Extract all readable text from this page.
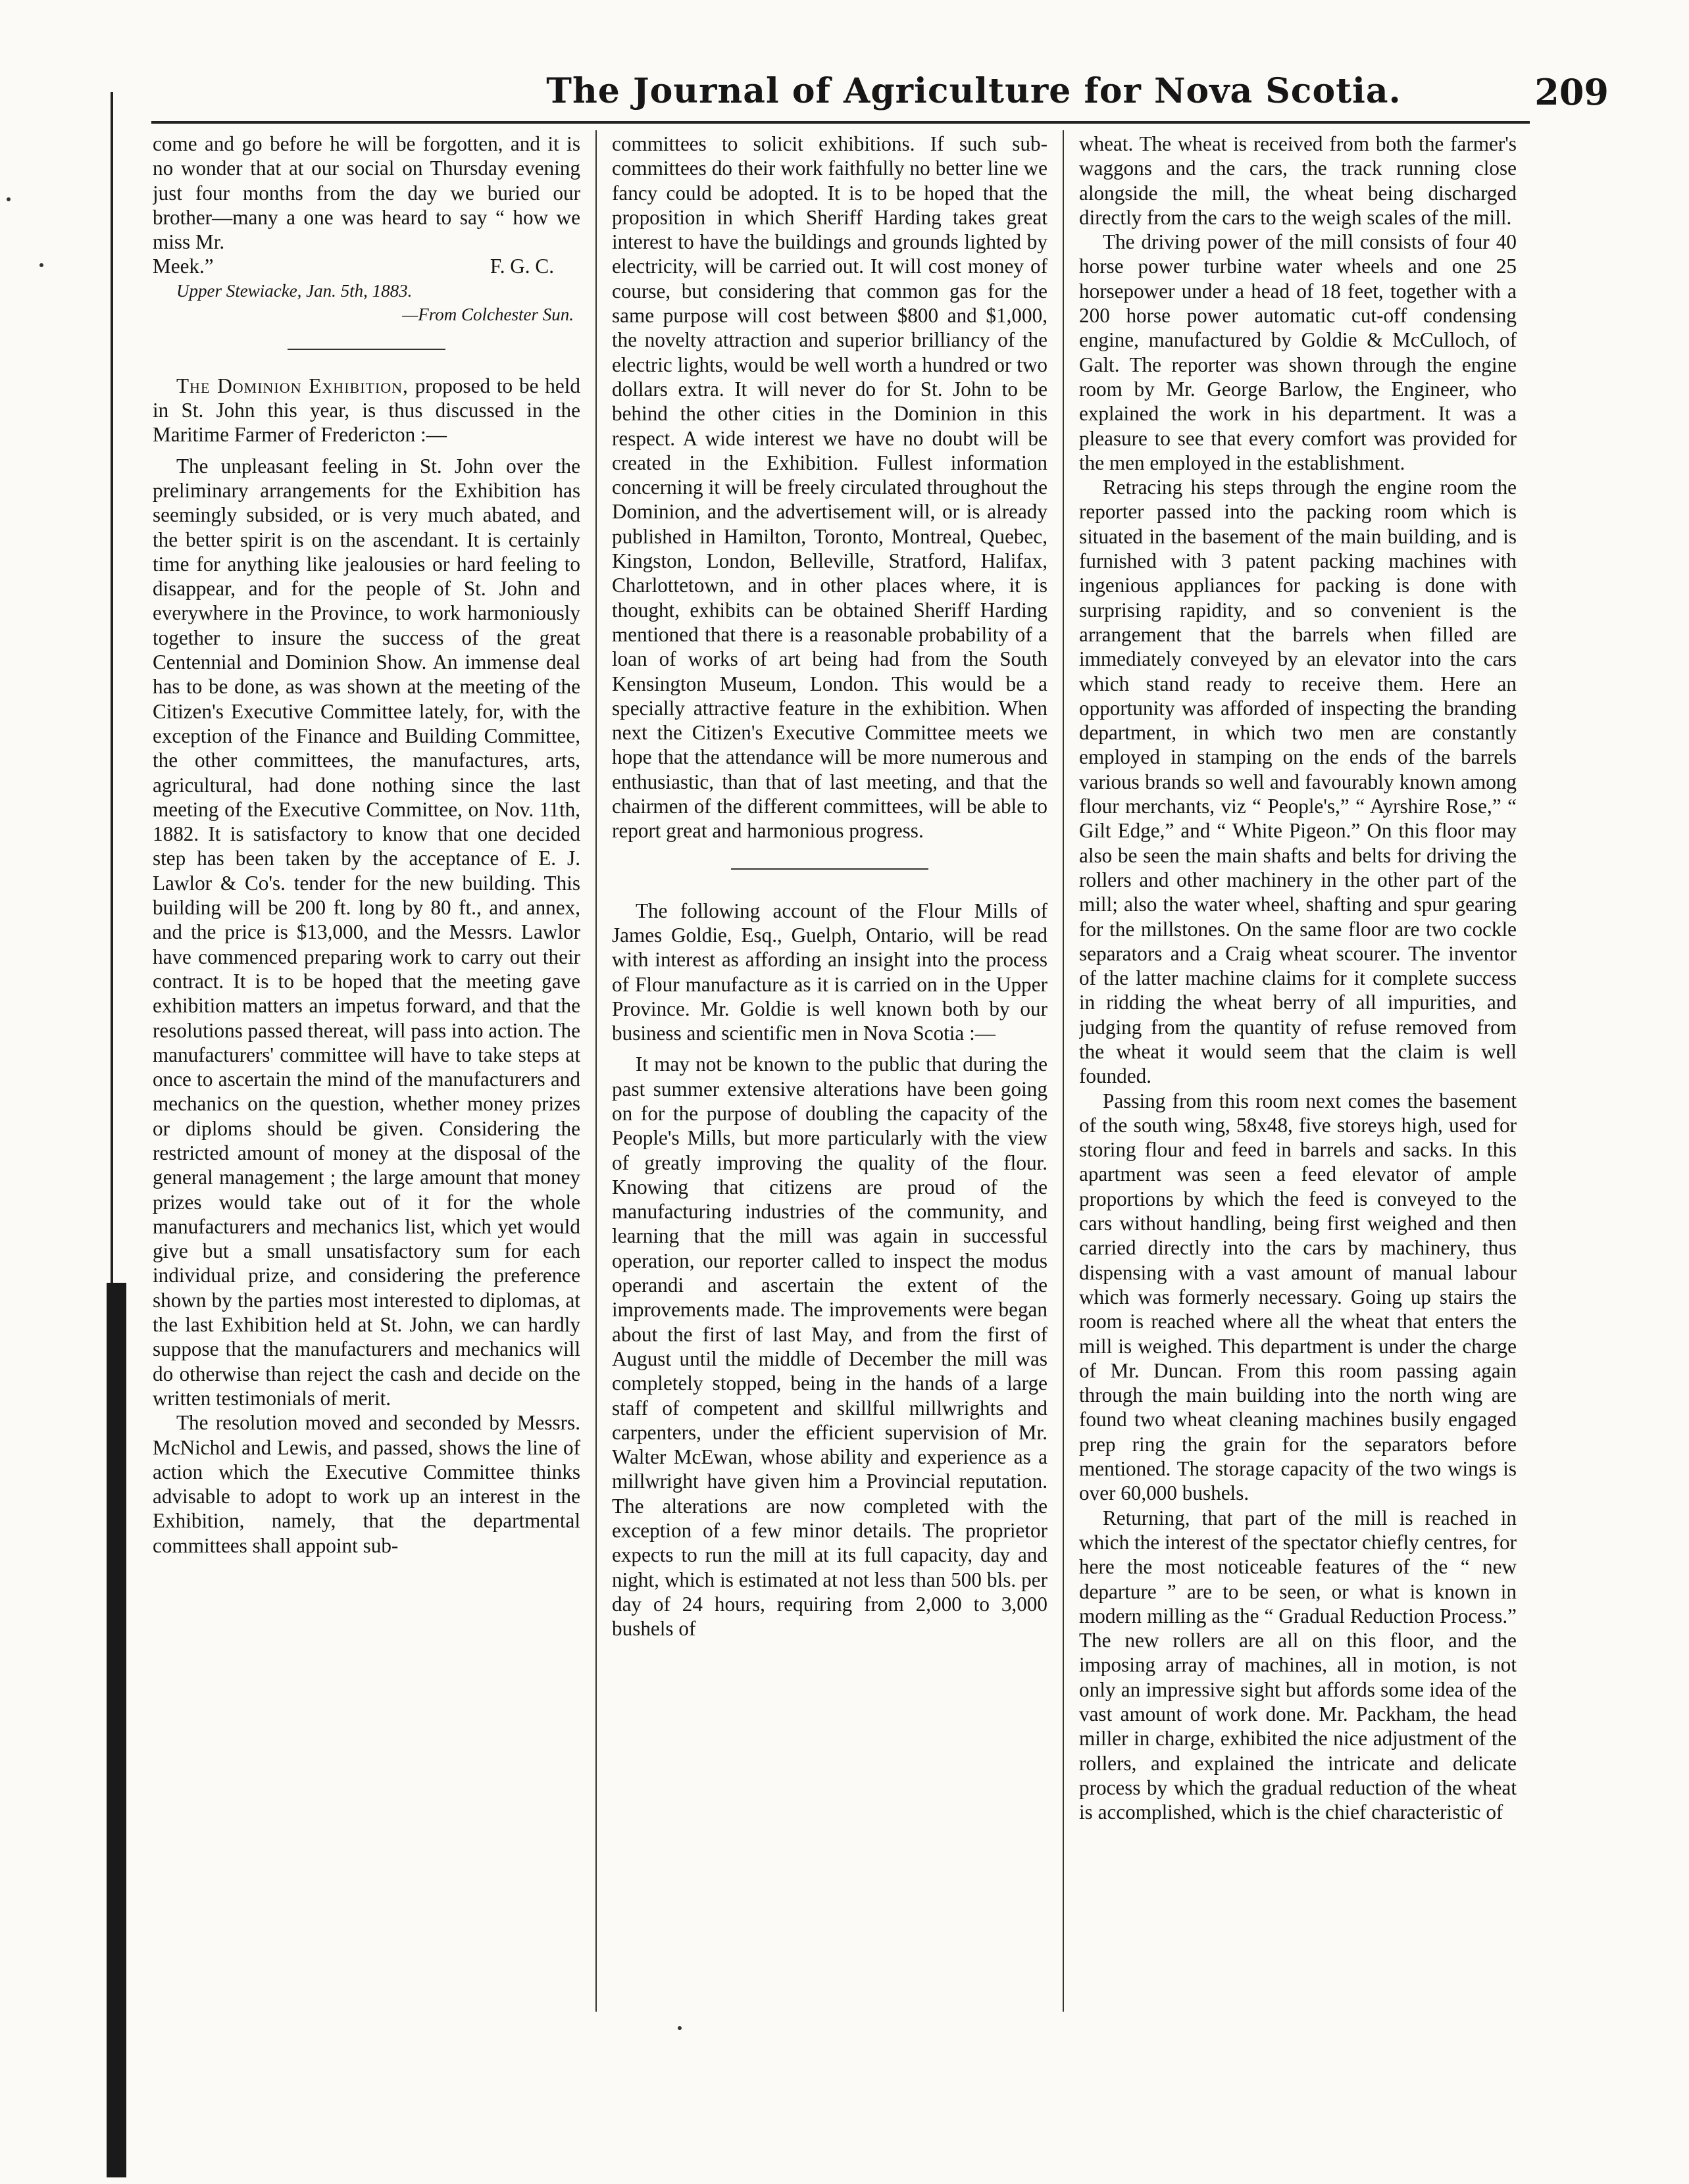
The Journal of Agriculture for Nova Scotia.	209

come and go before he will be forgotten, and it is no wonder that at our social on Thursday evening just four months from the day we buried our brother—many a one was heard to say “ how we miss Mr.

Meek.”	F. G. C.
Upper Stewiacke, Jan. 5th, 1883.
—From Colchester Sun.

The Dominion Exhibition, proposed to be held in St. John this year, is thus discussed in the Maritime Farmer of Fredericton :—

The unpleasant feeling in St. John over the preliminary arrangements for the Exhibition has seemingly subsided, or is very much abated, and the better spirit is on the ascendant. It is certainly time for anything like jealousies or hard feeling to disappear, and for the people of St. John and everywhere in the Province, to work harmoniously together to insure the success of the great Centennial and Dominion Show. An immense deal has to be done, as was shown at the meeting of the Citizen's Executive Committee lately, for, with the exception of the Finance and Building Committee, the other committees, the manufactures, arts, agricultural, had done nothing since the last meeting of the Executive Committee, on Nov. 11th, 1882. It is satisfactory to know that one decided step has been taken by the acceptance of E. J. Lawlor & Co's. tender for the new building. This building will be 200 ft. long by 80 ft., and annex, and the price is $13,000, and the Messrs. Lawlor have commenced preparing work to carry out their contract. It is to be hoped that the meeting gave exhibition matters an impetus forward, and that the resolutions passed thereat, will pass into action. The manufacturers' committee will have to take steps at once to ascertain the mind of the manufacturers and mechanics on the question, whether money prizes or diploms should be given. Considering the restricted amount of money at the disposal of the general management ; the large amount that money prizes would take out of it for the whole manufacturers and mechanics list, which yet would give but a small unsatisfactory sum for each individual prize, and considering the preference shown by the parties most interested to diplomas, at the last Exhibition held at St. John, we can hardly suppose that the manufacturers and mechanics will do otherwise than reject the cash and decide on the written testimonials of merit.

The resolution moved and seconded by Messrs. McNichol and Lewis, and passed, shows the line of action which the Executive Committee thinks advisable to adopt to work up an interest in the Exhibition, namely, that the departmental committees shall appoint sub-

committees to solicit exhibitions. If such sub-committees do their work faithfully no better line we fancy could be adopted. It is to be hoped that the proposition in which Sheriff Harding takes great interest to have the buildings and grounds lighted by electricity, will be carried out. It will cost money of course, but considering that common gas for the same purpose will cost between $800 and $1,000, the novelty attraction and superior brilliancy of the electric lights, would be well worth a hundred or two dollars extra. It will never do for St. John to be behind the other cities in the Dominion in this respect. A wide interest we have no doubt will be created in the Exhibition. Fullest information concerning it will be freely circulated throughout the Dominion, and the advertisement will, or is already published in Hamilton, Toronto, Montreal, Quebec, Kingston, London, Belleville, Stratford, Halifax, Charlottetown, and in other places where, it is thought, exhibits can be obtained Sheriff Harding mentioned that there is a reasonable probability of a loan of works of art being had from the South Kensington Museum, London. This would be a specially attractive feature in the exhibition. When next the Citizen's Executive Committee meets we hope that the attendance will be more numerous and enthusiastic, than that of last meeting, and that the chairmen of the different committees, will be able to report great and harmonious progress.

The following account of the Flour Mills of James Goldie, Esq., Guelph, Ontario, will be read with interest as affording an insight into the process of Flour manufacture as it is carried on in the Upper Province. Mr. Goldie is well known both by our business and scientific men in Nova Scotia :—

It may not be known to the public that during the past summer extensive alterations have been going on for the purpose of doubling the capacity of the People's Mills, but more particularly with the view of greatly improving the quality of the flour. Knowing that citizens are proud of the manufacturing industries of the community, and learning that the mill was again in successful operation, our reporter called to inspect the modus operandi and ascertain the extent of the improvements made. The improvements were began about the first of last May, and from the first of August until the middle of December the mill was completely stopped, being in the hands of a large staff of competent and skillful millwrights and carpenters, under the efficient supervision of Mr. Walter McEwan, whose ability and experience as a millwright have given him a Provincial reputation. The alterations are now completed with the exception of a few minor details. The proprietor expects to run the mill at its full capacity, day and night, which is estimated at not less than 500 bls. per day of 24 hours, requiring from 2,000 to 3,000 bushels of

wheat. The wheat is received from both the farmer's waggons and the cars, the track running close alongside the mill, the wheat being discharged directly from the cars to the weigh scales of the mill.

The driving power of the mill consists of four 40 horse power turbine water wheels and one 25 horsepower under a head of 18 feet, together with a 200 horse power automatic cut-off condensing engine, manufactured by Goldie & McCulloch, of Galt. The reporter was shown through the engine room by Mr. George Barlow, the Engineer, who explained the work in his department. It was a pleasure to see that every comfort was provided for the men employed in the establishment.

Retracing his steps through the engine room the reporter passed into the packing room which is situated in the basement of the main building, and is furnished with 3 patent packing machines with ingenious appliances for packing is done with surprising rapidity, and so convenient is the arrangement that the barrels when filled are immediately conveyed by an elevator into the cars which stand ready to receive them. Here an opportunity was afforded of inspecting the branding department, in which two men are constantly employed in stamping on the ends of the barrels various brands so well and favourably known among flour merchants, viz “ People's,” “ Ayrshire Rose,” “ Gilt Edge,” and “ White Pigeon.” On this floor may also be seen the main shafts and belts for driving the rollers and other machinery in the other part of the mill; also the water wheel, shafting and spur gearing for the millstones. On the same floor are two cockle separators and a Craig wheat scourer. The inventor of the latter machine claims for it complete success in ridding the wheat berry of all impurities, and judging from the quantity of refuse removed from the wheat it would seem that the claim is well founded.

Passing from this room next comes the basement of the south wing, 58x48, five storeys high, used for storing flour and feed in barrels and sacks. In this apartment was seen a feed elevator of ample proportions by which the feed is conveyed to the cars without handling, being first weighed and then carried directly into the cars by machinery, thus dispensing with a vast amount of manual labour which was formerly necessary. Going up stairs the room is reached where all the wheat that enters the mill is weighed. This department is under the charge of Mr. Duncan. From this room passing again through the main building into the north wing are found two wheat cleaning machines busily engaged prep ring the grain for the separators before mentioned. The storage capacity of the two wings is over 60,000 bushels.

Returning, that part of the mill is reached in which the interest of the spectator chiefly centres, for here the most noticeable features of the “ new departure ” are to be seen, or what is known in modern milling as the “ Gradual Reduction Process.” The new rollers are all on this floor, and the imposing array of machines, all in motion, is not only an impressive sight but affords some idea of the vast amount of work done. Mr. Packham, the head miller in charge, exhibited the nice adjustment of the rollers, and explained the intricate and delicate process by which the gradual reduction of the wheat is accomplished, which is the chief characteristic of
